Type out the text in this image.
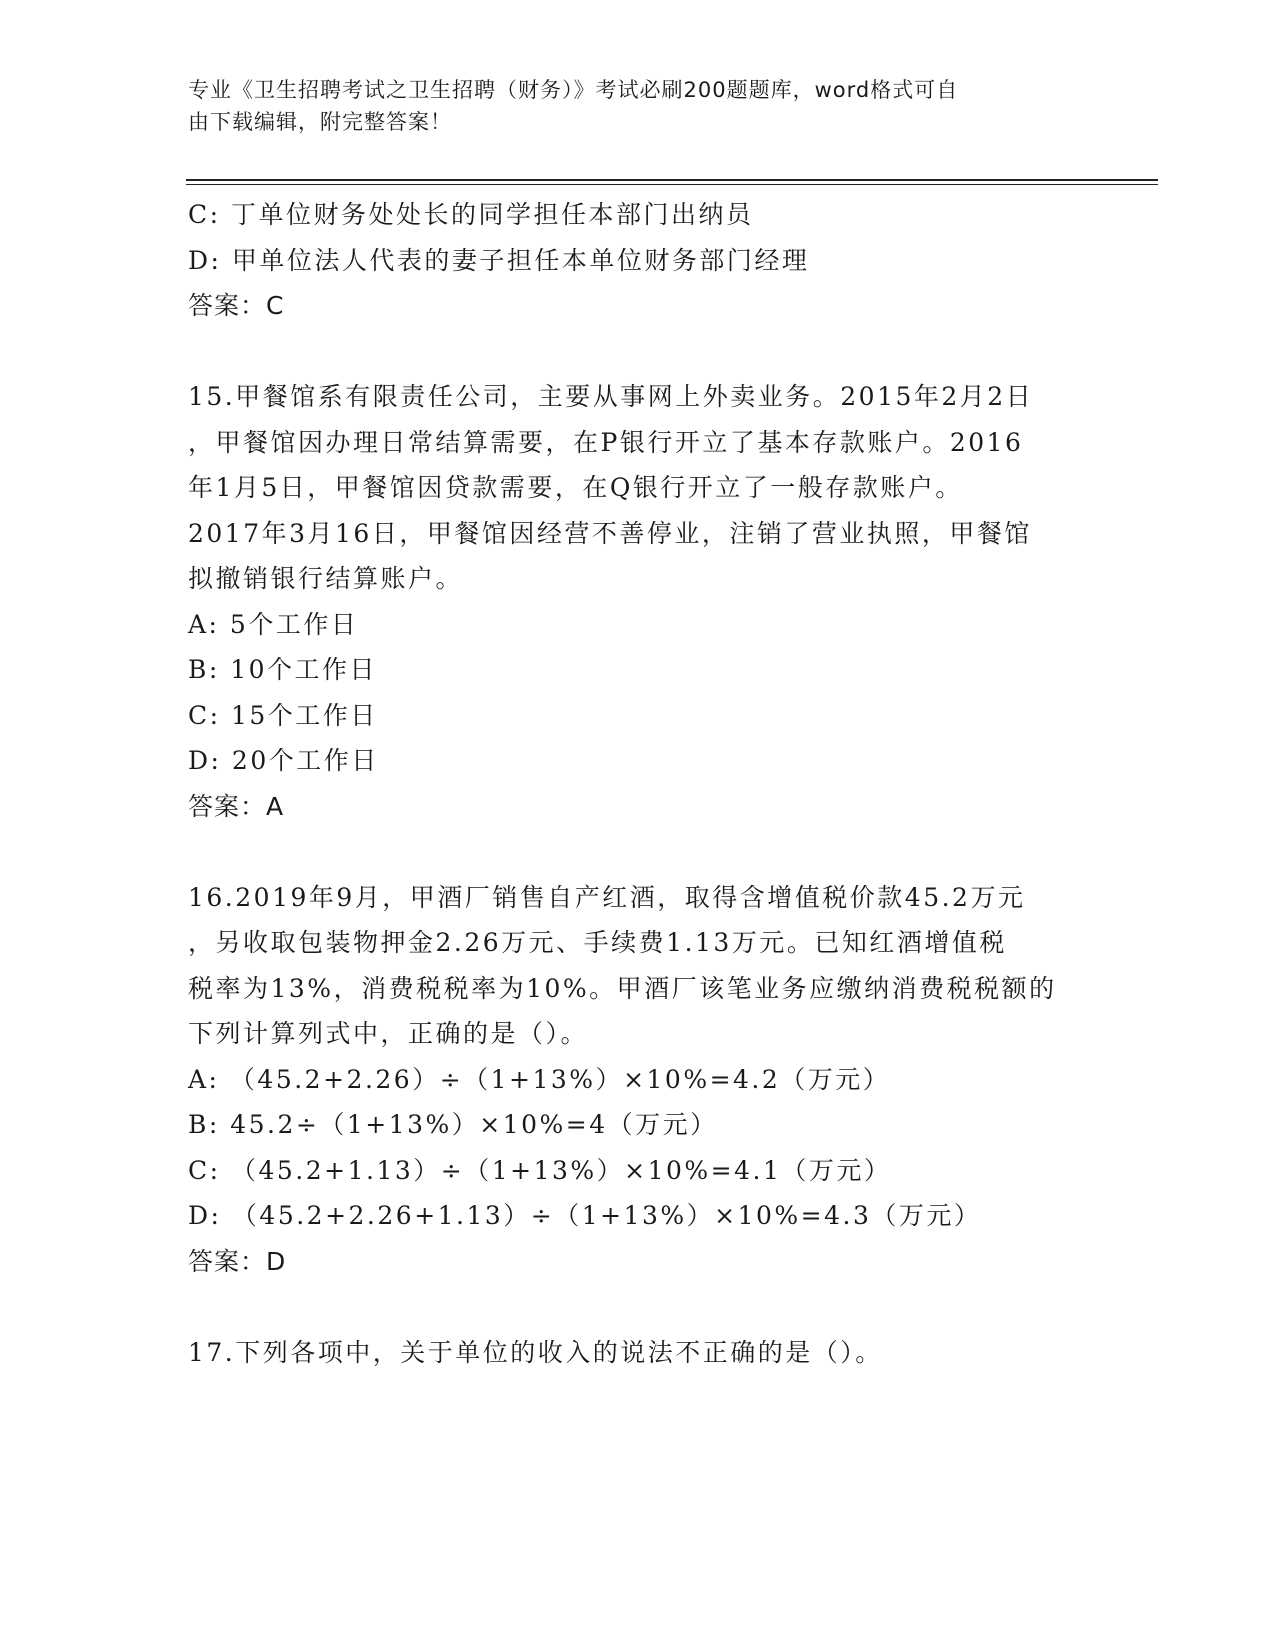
专业《卫生招聘考试之卫生招聘（财务）》考试必刷200题题库，word格式可自
由下载编辑，附完整答案！
C: 丁单位财务处处长的同学担任本部门出纳员
D: 甲单位法人代表的妻子担任本单位财务部门经理
答案：C
15.甲餐馆系有限责任公司，主要从事网上外卖业务。2015年2月2日
，甲餐馆因办理日常结算需要，在P银行开立了基本存款账户。2016
年1月5日，甲餐馆因贷款需要，在Q银行开立了一般存款账户。
2017年3月16日，甲餐馆因经营不善停业，注销了营业执照，甲餐馆
拟撤销银行结算账户。
A: 5个工作日
B: 10个工作日
C: 15个工作日
D: 20个工作日
答案：A
16.2019年9月，甲酒厂销售自产红酒，取得含增值税价款45.2万元
，另收取包装物押金2.26万元、手续费1.13万元。已知红酒增值税
税率为13%，消费税税率为10%。甲酒厂该笔业务应缴纳消费税税额的
下列计算列式中，正确的是（）。
A: （45.2+2.26）÷（1+13%）×10%=4.2（万元）
B: 45.2÷（1+13%）×10%=4（万元）
C: （45.2+1.13）÷（1+13%）×10%=4.1（万元）
D: （45.2+2.26+1.13）÷（1+13%）×10%=4.3（万元）
答案：D
17.下列各项中，关于单位的收入的说法不正确的是（）。
